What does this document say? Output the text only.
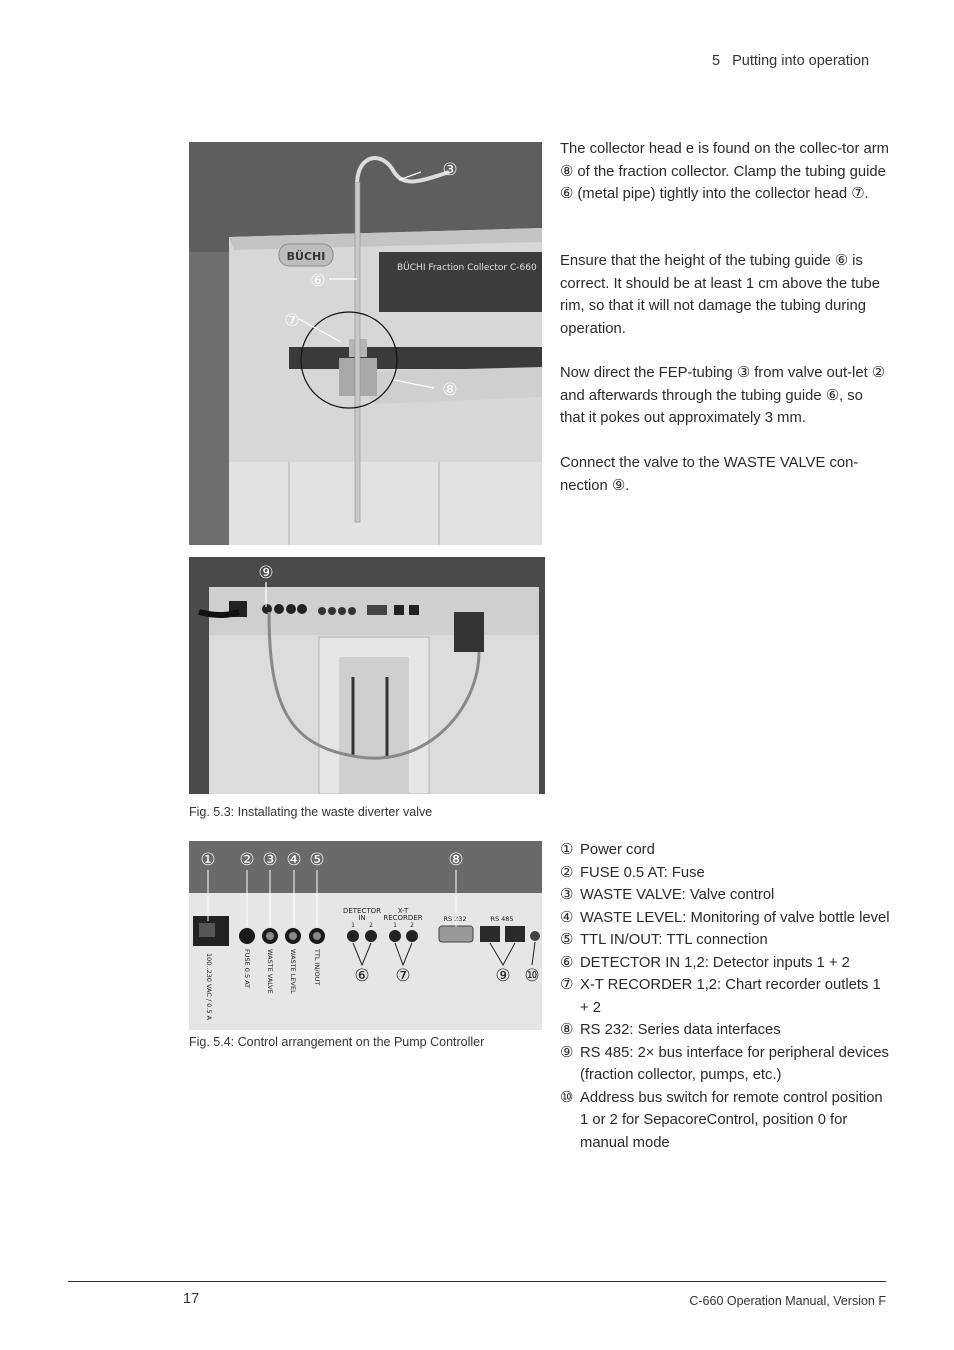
5 Putting into operation
BÜCHI
BÜCHI Fraction Collector C-660
③
⑥
⑦
⑧
⑨
Fig. 5.3: Installating the waste diverter valve
DETECTOR
IN
X-T
RECORDER
1 2	1 2
RS 232	RS 485
100..230 VAC / 0.5 A	FUSE 0.5 AT WASTE VALVE WASTE LEVEL TTL IN/OUT
① ② ③ ④ ⑤	⑧
⑥ ⑦	⑨ ⑩
Fig. 5.4: Control arrangement on the Pump Controller

The collector head e is found on the collec-tor arm ⑧ of the fraction collector. Clamp the tubing guide ⑥ (metal pipe) tightly into the collector head ⑦.

Ensure that the height of the tubing guide ⑥ is correct. It should be at least 1 cm above the tube rim, so that it will not damage the tubing during operation.

Now direct the FEP-tubing ③ from valve out-let ② and afterwards through the tubing guide ⑥, so that it pokes out approximately 3 mm.

Connect the valve to the WASTE VALVE con-nection ⑨.

① Power cord
② FUSE 0.5 AT: Fuse
③ WASTE VALVE: Valve control
④ WASTE LEVEL: Monitoring of valve bottle level
⑤ TTL IN/OUT: TTL connection
⑥ DETECTOR IN 1,2: Detector inputs 1 + 2
⑦ X-T RECORDER 1,2: Chart recorder outlets 1 + 2
⑧ RS 232: Series data interfaces
⑨ RS 485: 2× bus interface for peripheral devices (fraction collector, pumps, etc.)
⑩ Address bus switch for remote control position 1 or 2 for SepacoreControl, position 0 for manual mode
17	C-660 Operation Manual, Version F
